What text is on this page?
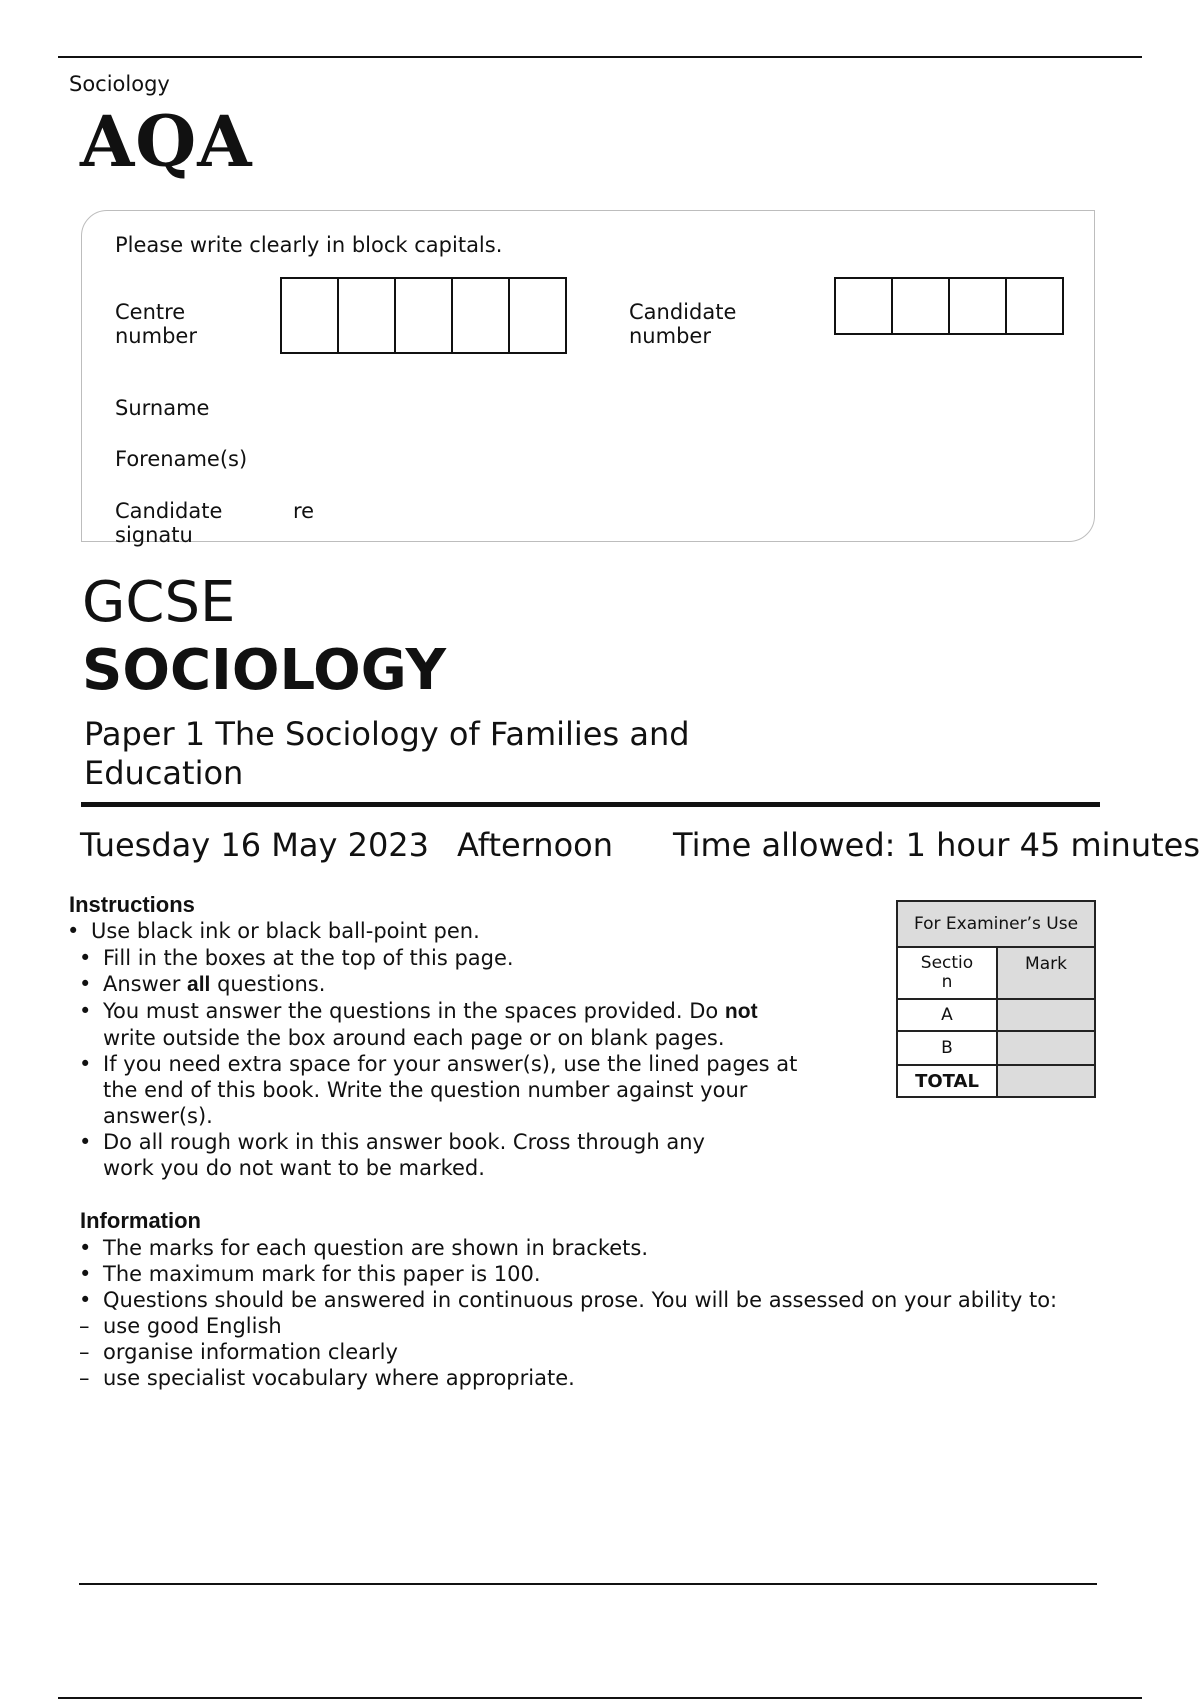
Sociology
AQA
Please write clearly in block capitals.
Centre
number
Candidate
number
Surname
Forename(s)
Candidate
signatu
re
GCSE
SOCIOLOGY
Paper 1 The Sociology of Families and Education
Tuesday 16 May 2023 Afternoon Time allowed: 1 hour 45 minutes
Instructions
• Use black ink or black ball-point pen.
• Fill in the boxes at the top of this page.
• Answer all questions.
• You must answer the questions in the spaces provided. Do not
write outside the box around each page or on blank pages.
• If you need extra space for your answer(s), use the lined pages at
the end of this book. Write the question number against your
answer(s).
• Do all rough work in this answer book. Cross through any
work you do not want to be marked.
Information
• The marks for each question are shown in brackets.
• The maximum mark for this paper is 100.
• Questions should be answered in continuous prose. You will be assessed on your ability to:
– use good English
– organise information clearly
– use specialist vocabulary where appropriate.
For Examiner’s Use	
Sectio
n	Mark
A	
B	
TOTAL	
